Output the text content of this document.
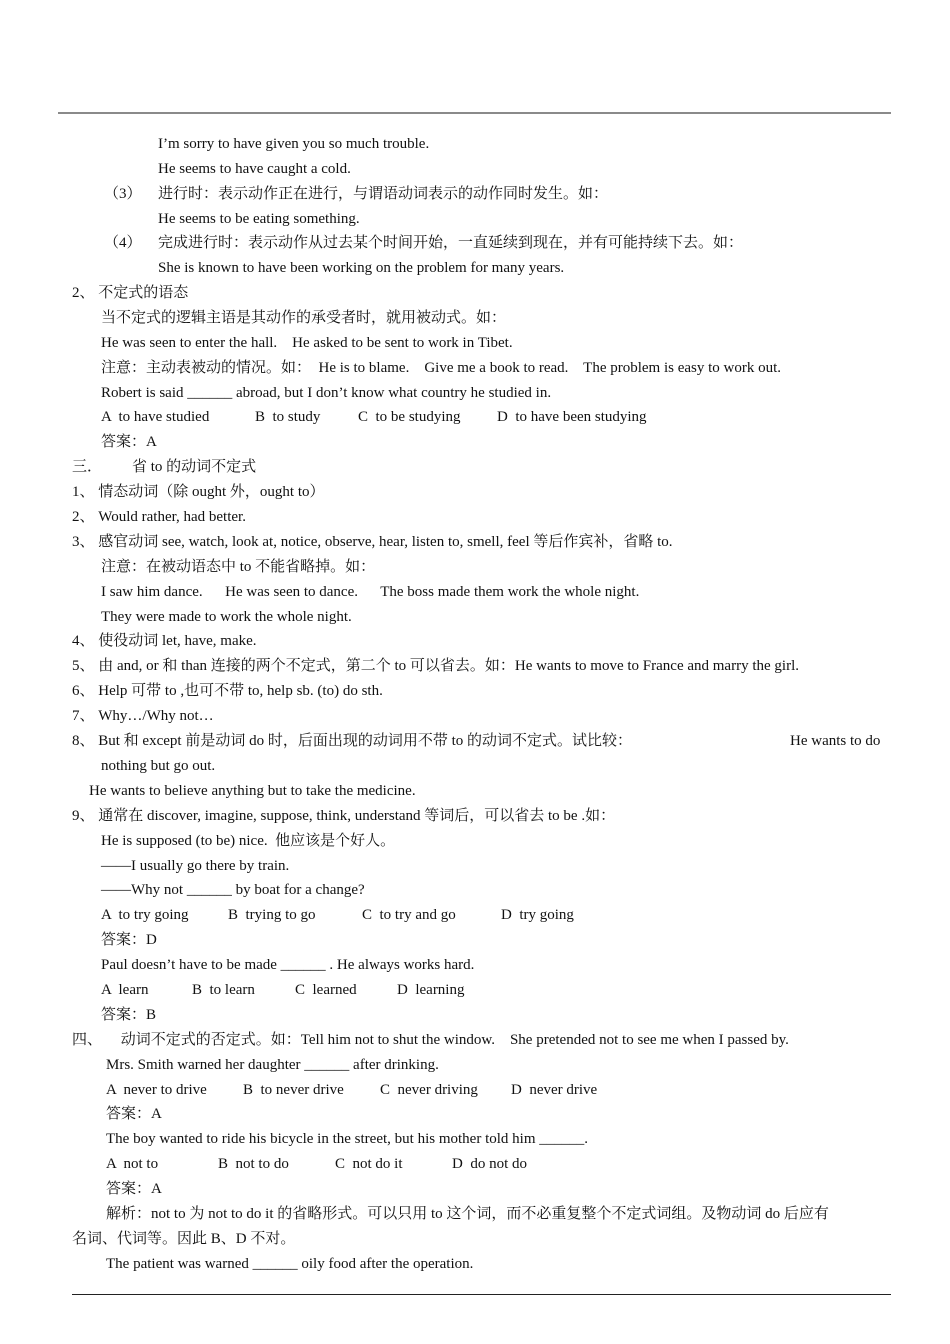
I’m sorry to have given you so much trouble.
He seems to have caught a cold.
（3） 进行时：表示动作正在进行，与谓语动词表示的动作同时发生。如：
He seems to be eating something.
（4） 完成进行时：表示动作从过去某个时间开始，一直延续到现在，并有可能持续下去。如：
She is known to have been working on the problem for many years.
2、 不定式的语态
当不定式的逻辑主语是其动作的承受者时，就用被动式。如：
He was seen to enter the hall.    He asked to be sent to work in Tibet.
注意：主动表被动的情况。如：  He is to blame.    Give me a book to read.    The problem is easy to work out.
Robert is said ______ abroad, but I don’t know what country he studied in.
A  to have studied	B  to study	C  to be studying D  to have been studying
答案：A
三．        省 to 的动词不定式
1、 情态动词（除 ought 外，ought to）
2、 Would rather, had better.
3、 感官动词 see, watch, look at, notice, observe, hear, listen to, smell, feel 等后作宾补，省略 to.
注意：在被动语态中 to 不能省略掉。如：
I saw him dance.      He was seen to dance.      The boss made them work the whole night.
They were made to work the whole night.
4、 使役动词 let, have, make.
5、 由 and, or 和 than 连接的两个不定式，第二个 to 可以省去。如：He wants to move to France and marry the girl.
6、 Help 可带 to ,也可不带 to, help sb. (to) do sth.
7、 Why…/Why not…
8、 But 和 except 前是动词 do 时，后面出现的动词用不带 to 的动词不定式。试比较：	He wants to do
nothing but go out.
He wants to believe anything but to take the medicine.
9、 通常在 discover, imagine, suppose, think, understand 等词后，可以省去 to be .如：
He is supposed (to be) nice.  他应该是个好人。
——I usually go there by train.
——Why not ______ by boat for a change?
A  to try going	B  trying to go	C  to try and go	D  try going
答案：D
Paul doesn’t have to be made ______ . He always works hard.
A  learn	B  to learn	C  learned	D  learning
答案：B
四、     动词不定式的否定式。如：Tell him not to shut the window.    She pretended not to see me when I passed by.
Mrs. Smith warned her daughter ______ after drinking.
A  never to drive B  to never drive C  never driving D  never drive
答案：A
The boy wanted to ride his bicycle in the street, but his mother told him ______.
A  not to	B  not to do	C  not do it	D  do not do
答案：A
解析：not to 为 not to do it 的省略形式。可以只用 to 这个词，而不必重复整个不定式词组。及物动词 do 后应有
名词、代词等。因此 B、D 不对。
The patient was warned ______ oily food after the operation.
